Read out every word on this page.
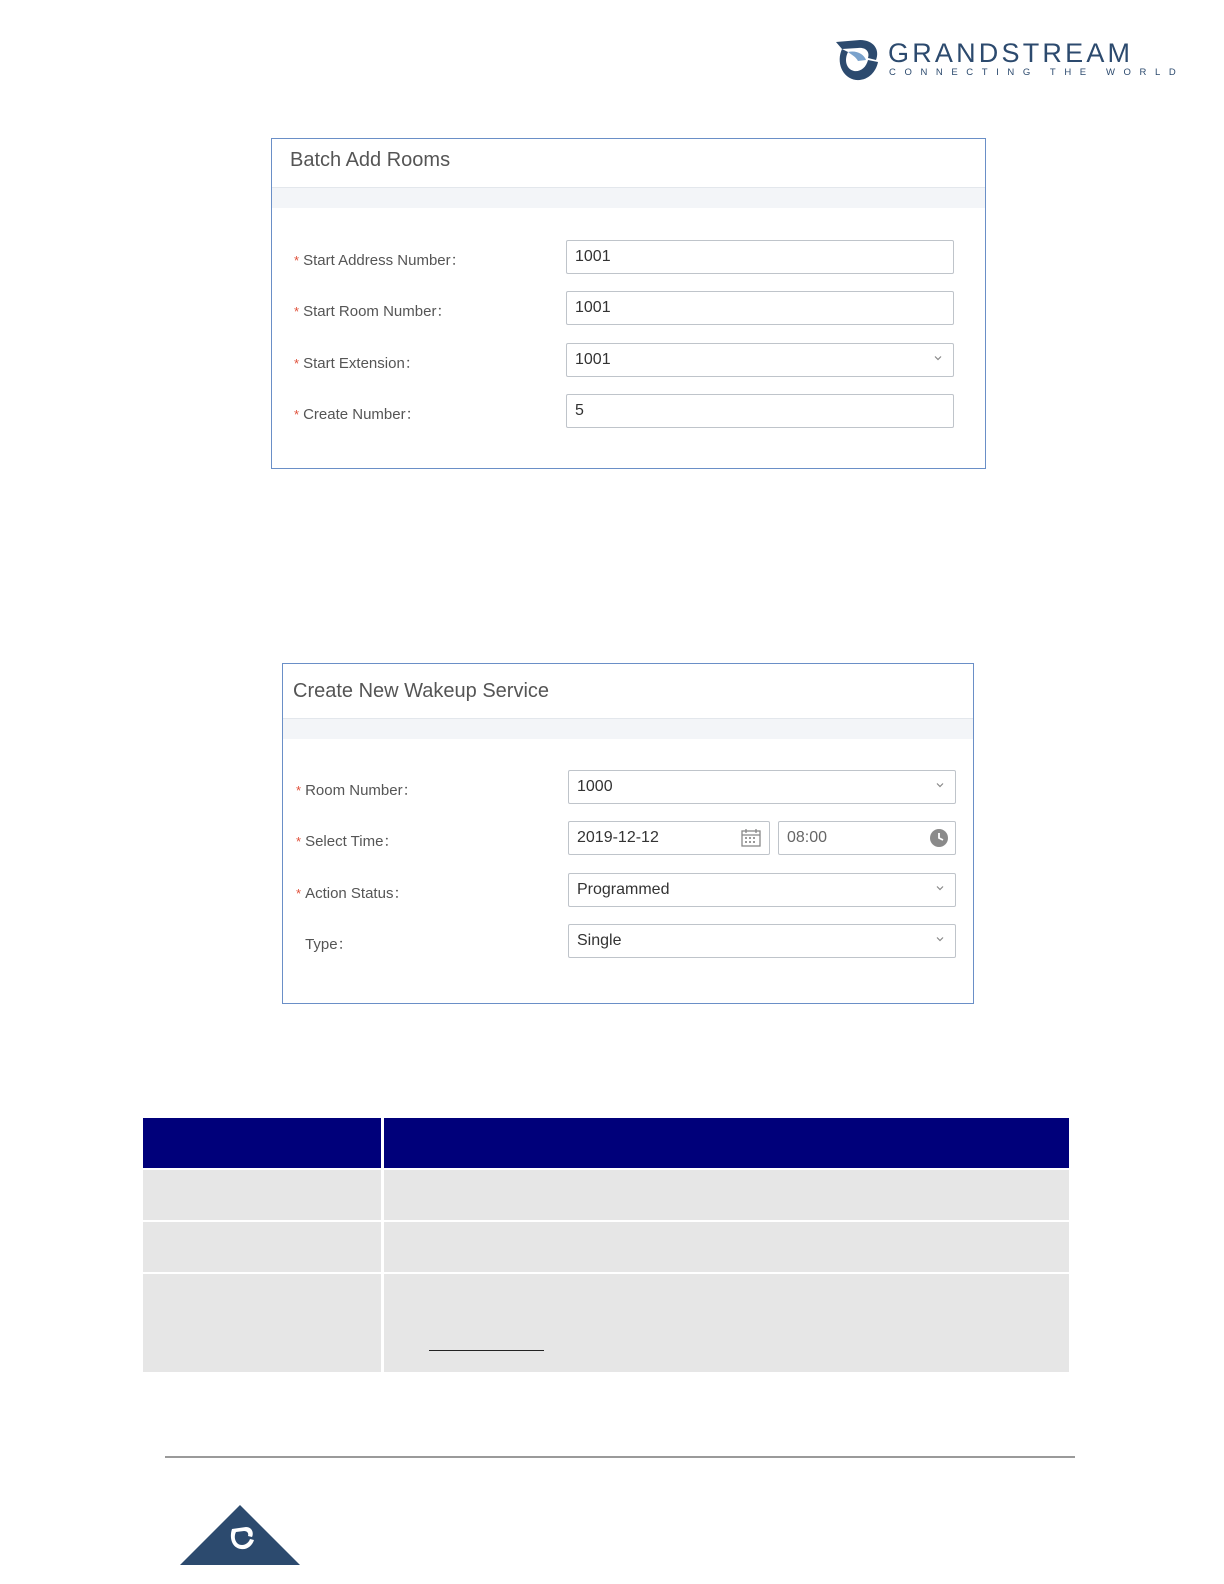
GRANDSTREAM
CONNECTING THE WORLD
Batch Add Rooms
* Start Address Number：	1001
* Start Room Number：	1001
* Start Extension：	1001
* Create Number：	5
Create New Wakeup Service
* Room Number：	1000
* Select Time：	2019-12-12	08:00
* Action Status：	Programmed
Type：	Single
